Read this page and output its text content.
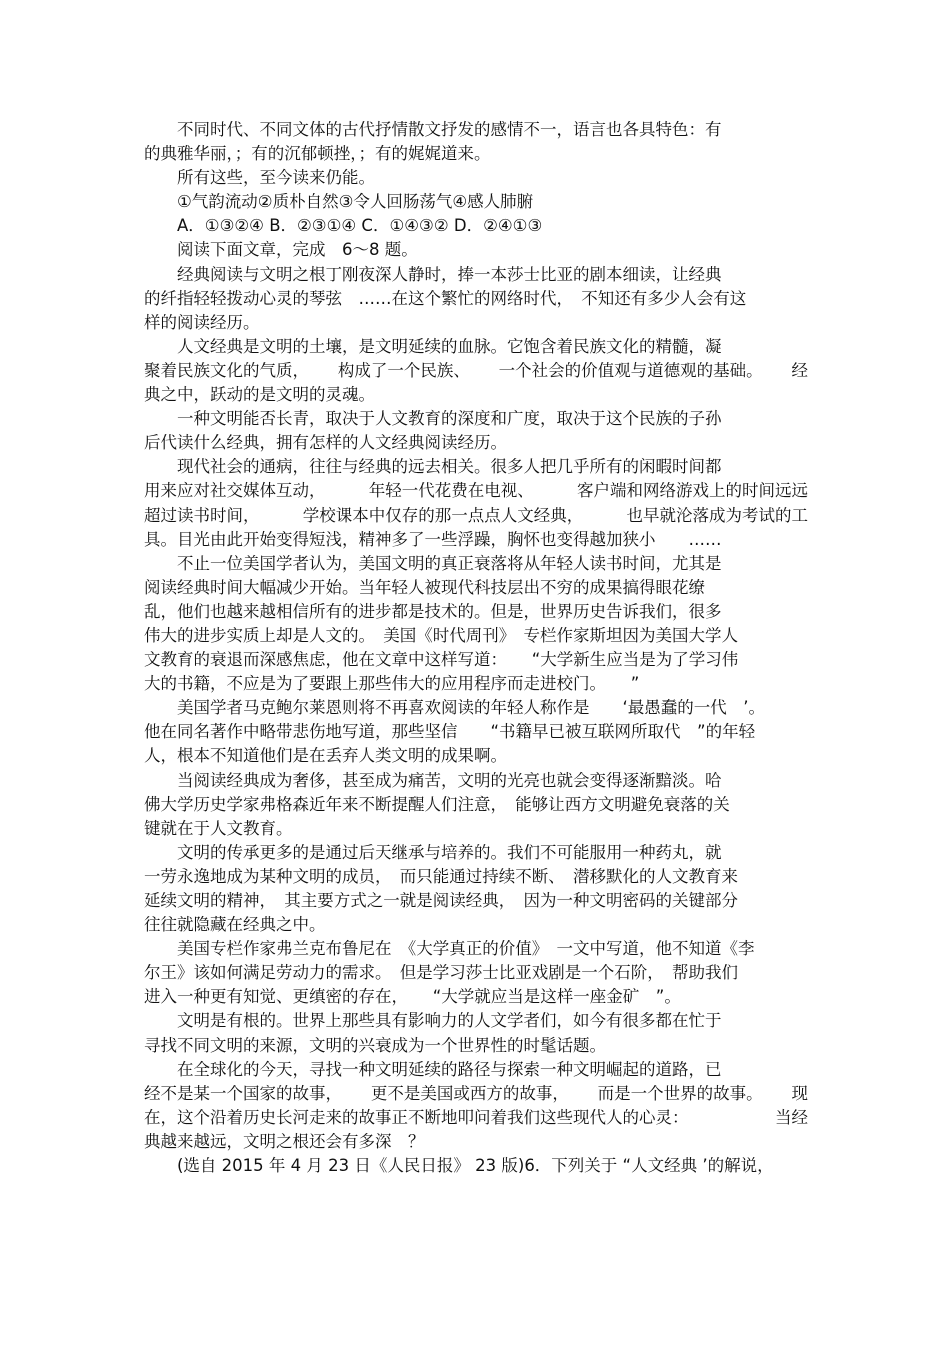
　　不同时代、不同文体的古代抒情散文抒发的感情不一，语言也各具特色：有
的典雅华丽，；有的沉郁顿挫，；有的娓娓道来。
　　所有这些，至今读来仍能。
　　①气韵流动②质朴自然③令人回肠荡气④感人肺腑
　　A．①③②④ B．②③①④ C．①④③② D．②④①③
　　阅读下面文章，完成　6～8 题。
　　经典阅读与文明之根丁刚夜深人静时，捧一本莎士比亚的剧本细读，让经典
的纤指轻轻拨动心灵的琴弦　……在这个繁忙的网络时代，　不知还有多少人会有这
样的阅读经历。
　　人文经典是文明的土壤，是文明延续的血脉。它饱含着民族文化的精髓，凝
聚着民族文化的气质， 构成了一个民族、 一个社会的价值观与道德观的基础。 经
典之中，跃动的是文明的灵魂。
　　一种文明能否长青，取决于人文教育的深度和广度，取决于这个民族的子孙
后代读什么经典，拥有怎样的人文经典阅读经历。
　　现代社会的通病，往往与经典的远去相关。很多人把几乎所有的闲暇时间都
用来应对社交媒体互动，	年轻一代花费在电视、	客户端和网络游戏上的时间远远
超过读书时间，	学校课本中仅存的那一点点人文经典，	也早就沦落成为考试的工
具。目光由此开始变得短浅，精神多了一些浮躁，胸怀也变得越加狭小　　……
　　不止一位美国学者认为，美国文明的真正衰落将从年轻人读书时间，尤其是
阅读经典时间大幅减少开始。当年轻人被现代科技层出不穷的成果搞得眼花缭
乱，他们也越来越相信所有的进步都是技术的。但是，世界历史告诉我们，很多
伟大的进步实质上却是人文的。　美国《时代周刊》　专栏作家斯坦因为美国大学人
文教育的衰退而深感焦虑，他在文章中这样写道：　　“大学新生应当是为了学习伟
大的书籍，不应是为了要跟上那些伟大的应用程序而走进校门。　　”
　　美国学者马克鲍尔莱恩则将不再喜欢阅读的年轻人称作是　　‘最愚蠢的一代　’。
他在同名著作中略带悲伤地写道，那些坚信　　“书籍早已被互联网所取代　”的年轻
人，根本不知道他们是在丢弃人类文明的成果啊。
　　当阅读经典成为奢侈，甚至成为痛苦，文明的光亮也就会变得逐渐黯淡。哈
佛大学历史学家弗格森近年来不断提醒人们注意，　能够让西方文明避免衰落的关
键就在于人文教育。
　　文明的传承更多的是通过后天继承与培养的。我们不可能服用一种药丸，就
一劳永逸地成为某种文明的成员，　而只能通过持续不断、　潜移默化的人文教育来
延续文明的精神，　其主要方式之一就是阅读经典，　因为一种文明密码的关键部分
往往就隐藏在经典之中。
　　美国专栏作家弗兰克布鲁尼在　《大学真正的价值》　一文中写道，他不知道《李
尔王》该如何满足劳动力的需求。　但是学习莎士比亚戏剧是一个石阶，　帮助我们
进入一种更有知觉、更缜密的存在，　　“大学就应当是这样一座金矿　”。
　　文明是有根的。世界上那些具有影响力的人文学者们，如今有很多都在忙于
寻找不同文明的来源，文明的兴衰成为一个世界性的时髦话题。
　　在全球化的今天，寻找一种文明延续的路径与探索一种文明崛起的道路，已
经不是某一个国家的故事， 更不是美国或西方的故事， 而是一个世界的故事。 现
在，这个沿着历史长河走来的故事正不断地叩问着我们这些现代人的心灵：	当经
典越来越远，文明之根还会有多深　？
　　(选自 2015 年 4 月 23 日《人民日报》 23 版)6．下列关于 “人文经典 ’的解说，
